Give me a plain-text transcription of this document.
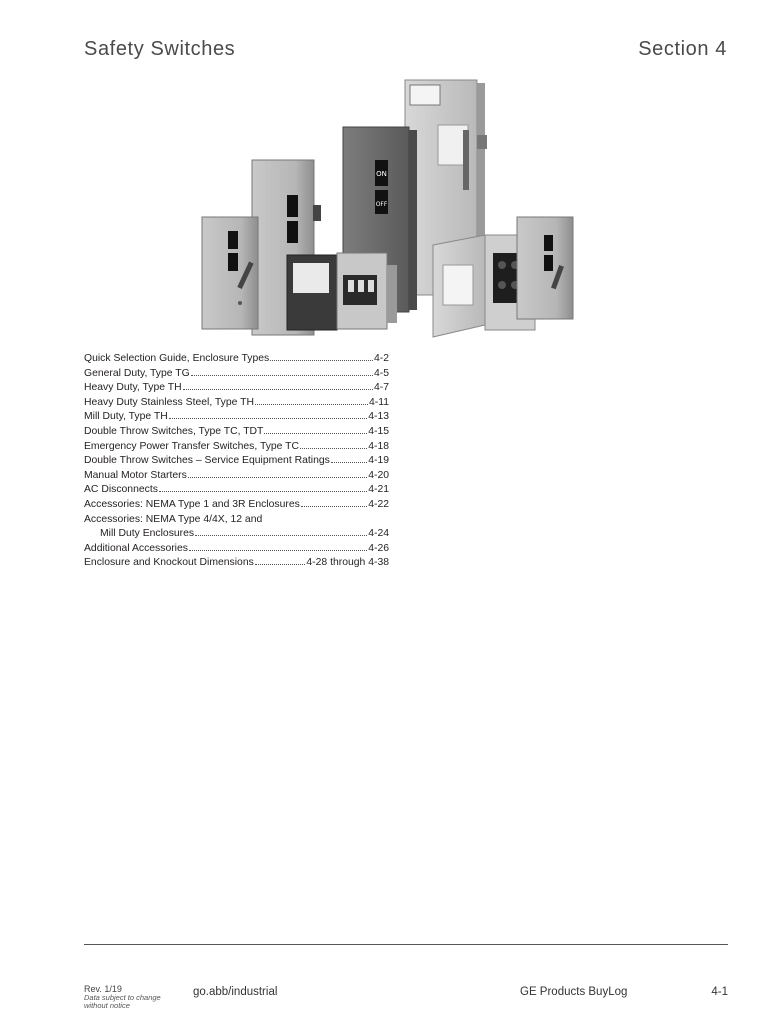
Safety Switches	Section 4
ON
OFF
Quick Selection Guide, Enclosure Types	4-2
General Duty, Type TG	4-5
Heavy Duty, Type TH	4-7
Heavy Duty Stainless Steel, Type TH	4-11
Mill Duty, Type TH	4-13
Double Throw Switches, Type TC, TDT	4-15
Emergency Power Transfer Switches, Type TC	4-18
Double Throw Switches – Service Equipment Ratings	4-19
Manual Motor Starters	4-20
AC Disconnects	4-21
Accessories: NEMA Type 1 and 3R Enclosures	4-22
Accessories: NEMA Type 4/4X, 12 and
Mill Duty Enclosures	4-24
Additional Accessories	4-26
Enclosure and Knockout Dimensions	4-28 through 4-38
Rev. 1/19
Data subject to change without notice
go.abb/industrial	GE Products BuyLog	4-1
